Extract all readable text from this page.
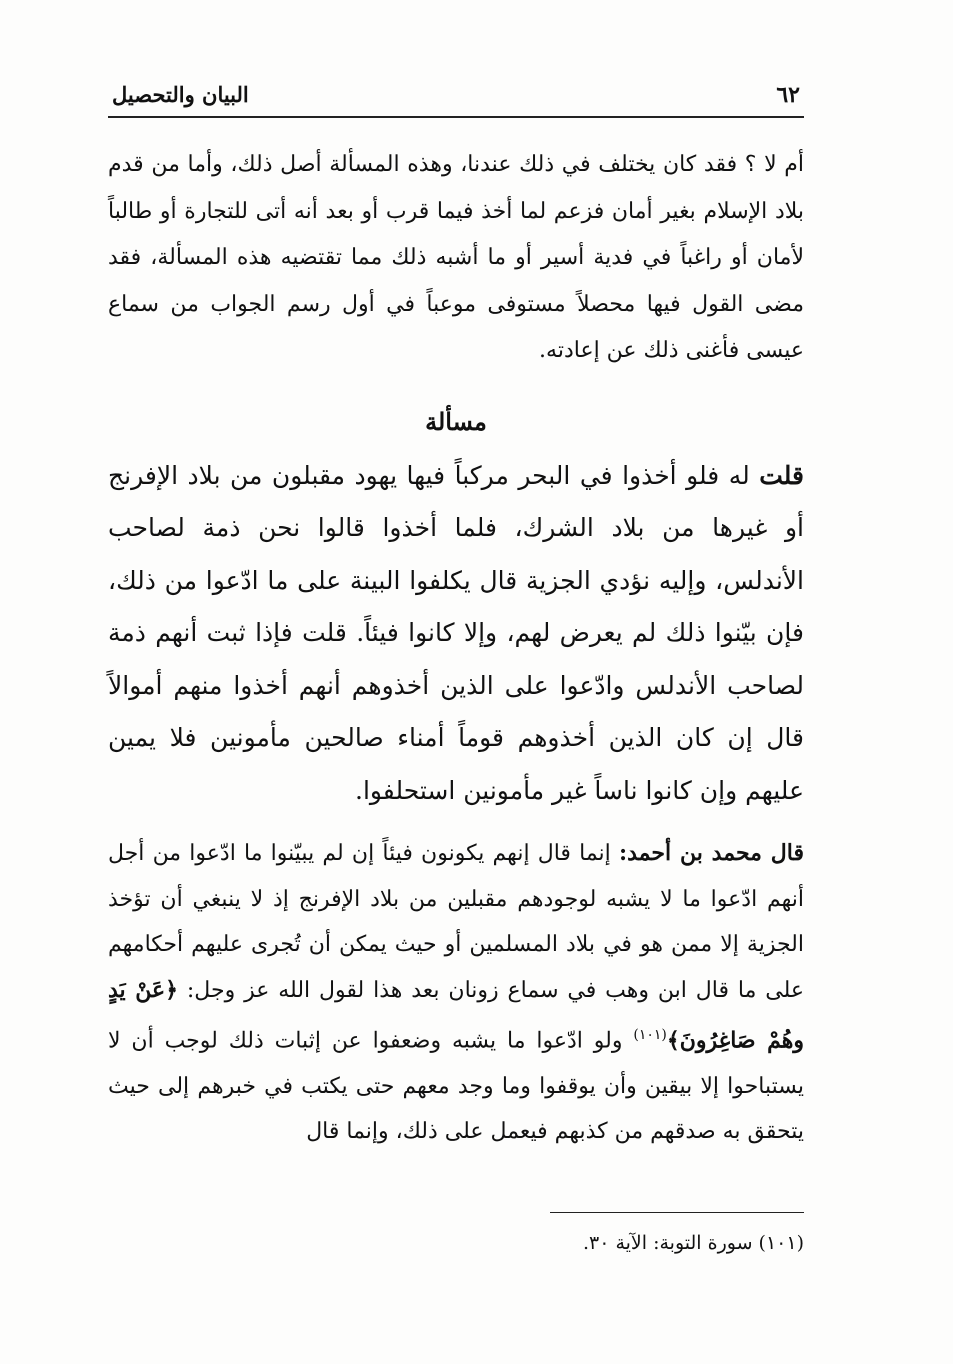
٦٢
البيان والتحصيل

أم لا ؟ فقد كان يختلف في ذلك عندنا، وهذه المسألة أصل ذلك، وأما من قدم بلاد الإسلام بغير أمان فزعم لما أخذ فيما قرب أو بعد أنه أتى للتجارة أو طالباً لأمان أو راغباً في فدية أسير أو ما أشبه ذلك مما تقتضيه هذه المسألة، فقد مضى القول فيها محصلاً مستوفى موعباً في أول رسم الجواب من سماع عيسى فأغنى ذلك عن إعادته.

مسألة

قلت له فلو أخذوا في البحر مركباً فيها يهود مقبلون من بلاد الإفرنج أو غيرها من بلاد الشرك، فلما أخذوا قالوا نحن ذمة لصاحب الأندلس، وإليه نؤدي الجزية قال يكلفوا البينة على ما ادّعوا من ذلك، فإن بيّنوا ذلك لم يعرض لهم، وإلا كانوا فيئاً. قلت فإذا ثبت أنهم ذمة لصاحب الأندلس وادّعوا على الذين أخذوهم أنهم أخذوا منهم أموالاً قال إن كان الذين أخذوهم قوماً أمناء صالحين مأمونين فلا يمين عليهم وإن كانوا ناساً غير مأمونين استحلفوا.

قال محمد بن أحمد: إنما قال إنهم يكونون فيئاً إن لم يبيّنوا ما ادّعوا من أجل أنهم ادّعوا ما لا يشبه لوجودهم مقبلين من بلاد الإفرنج إذ لا ينبغي أن تؤخذ الجزية إلا ممن هو في بلاد المسلمين أو حيث يمكن أن تُجرى عليهم أحكامهم على ما قال ابن وهب في سماع زونان بعد هذا لقول الله عز وجل: ﴿عَنْ يَدٍ وهُمْ صَاغِرُونَ﴾$^{(١٠١)}$ ولو ادّعوا ما يشبه وضعفوا عن إثبات ذلك لوجب أن لا يستباحوا إلا بيقين وأن يوقفوا وما وجد معهم حتى يكتب في خبرهم إلى حيث يتحقق به صدقهم من كذبهم فيعمل على ذلك، وإنما قال

(١٠١) سورة التوبة: الآية ٣٠.
